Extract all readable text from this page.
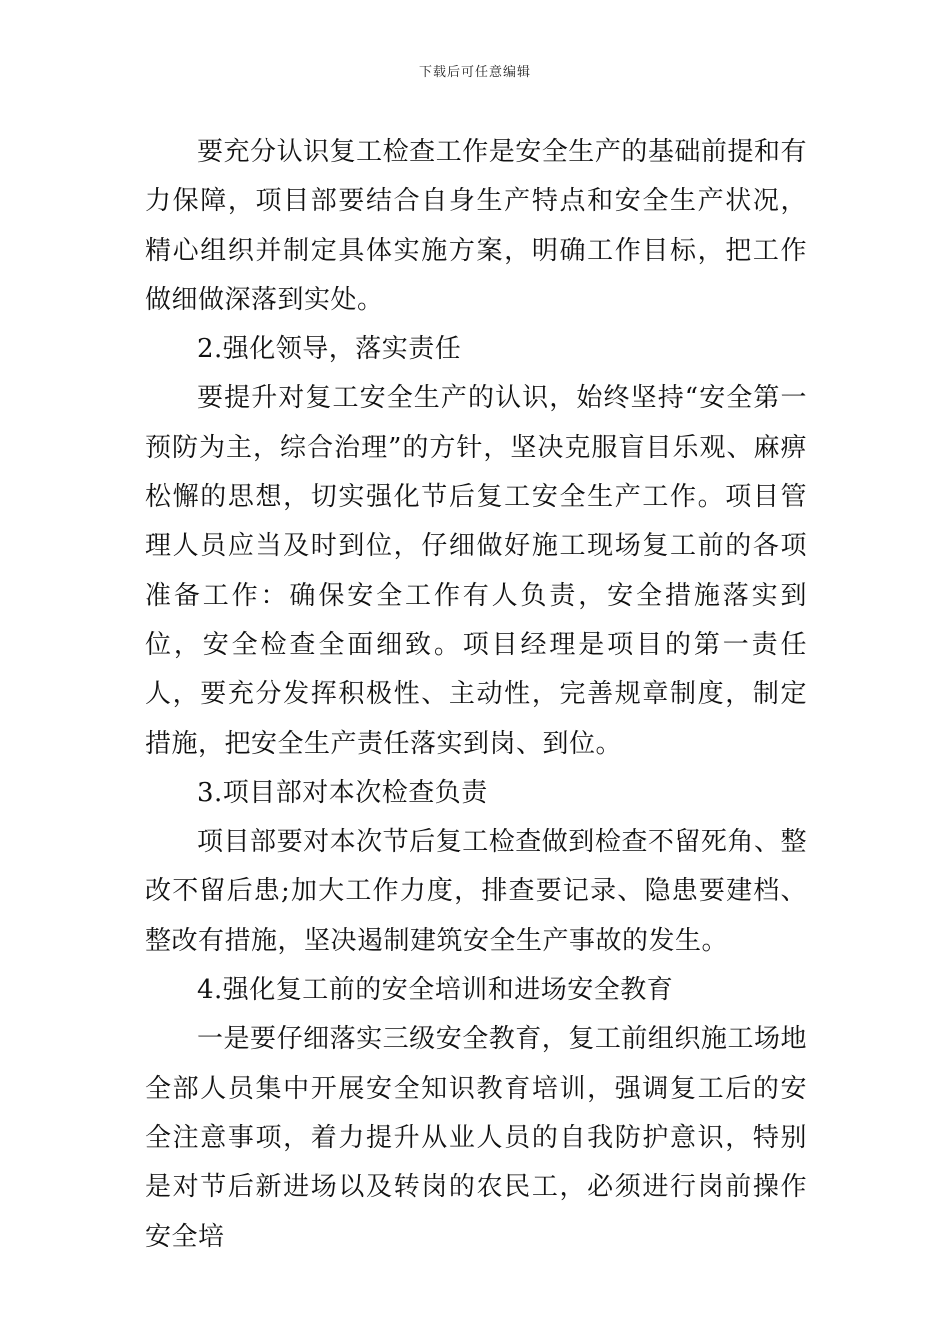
下载后可任意编辑

要充分认识复工检查工作是安全生产的基础前提和有力保障，项目部要结合自身生产特点和安全生产状况，精心组织并制定具体实施方案，明确工作目标，把工作做细做深落到实处。

2.强化领导，落实责任

要提升对复工安全生产的认识，始终坚持“安全第一预防为主，综合治理”的方针，坚决克服盲目乐观、麻痹松懈的思想，切实强化节后复工安全生产工作。项目管理人员应当及时到位，仔细做好施工现场复工前的各项准备工作：确保安全工作有人负责，安全措施落实到位，安全检查全面细致。项目经理是项目的第一责任人，要充分发挥积极性、主动性，完善规章制度，制定措施，把安全生产责任落实到岗、到位。

3.项目部对本次检查负责

项目部要对本次节后复工检查做到检查不留死角、整改不留后患;加大工作力度，排查要记录、隐患要建档、整改有措施，坚决遏制建筑安全生产事故的发生。

4.强化复工前的安全培训和进场安全教育

一是要仔细落实三级安全教育，复工前组织施工场地全部人员集中开展安全知识教育培训，强调复工后的安全注意事项，着力提升从业人员的自我防护意识，特别是对节后新进场以及转岗的农民工，必须进行岗前操作安全培
